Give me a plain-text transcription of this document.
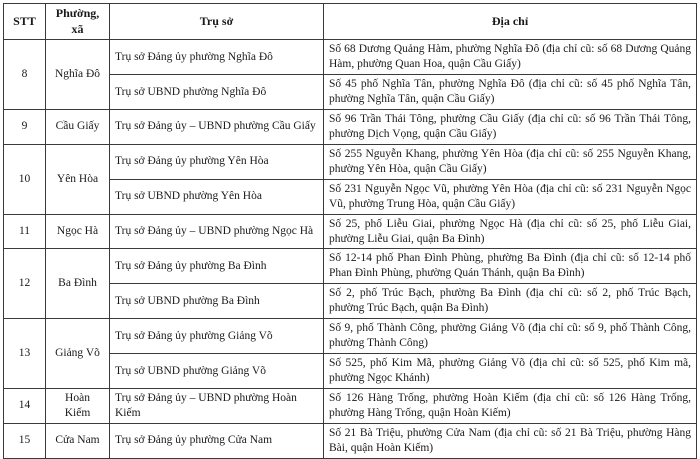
STT	Phường, xã	Trụ sở	Địa chỉ
8	Nghĩa Đô	Trụ sở Đảng ủy phường Nghĩa Đô	Số 68 Dương Quảng Hàm, phường Nghĩa Đô (địa chỉ cũ: số 68 Dương Quảng Hàm, phường Quan Hoa, quận Cầu Giấy)
		Trụ sở UBND phường Nghĩa Đô	Số 45 phố Nghĩa Tân, phường Nghĩa Đô (địa chỉ cũ: số 45 phố Nghĩa Tân, phường Nghĩa Tân, quận Cầu Giấy)
9	Cầu Giấy	Trụ sở Đảng ủy – UBND phường Cầu Giấy	Số 96 Trần Thái Tông, phường Cầu Giấy (địa chỉ cũ: số 96 Trần Thái Tông, phường Dịch Vọng, quận Cầu Giấy)
10	Yên Hòa	Trụ sở Đảng ủy phường Yên Hòa	Số 255 Nguyễn Khang, phường Yên Hòa (địa chỉ cũ: số 255 Nguyễn Khang, phường Yên Hòa, quận Cầu Giấy)
		Trụ sở UBND phường Yên Hòa	Số 231 Nguyễn Ngọc Vũ, phường Yên Hòa (địa chỉ cũ: số 231 Nguyễn Ngọc Vũ, phường Trung Hòa, quận Cầu Giấy)
11	Ngọc Hà	Trụ sở Đảng ủy – UBND phường Ngọc Hà	Số 25, phố Liễu Giai, phường Ngọc Hà (địa chỉ cũ: số 25, phố Liễu Giai, phường Liễu Giai, quận Ba Đình)
12	Ba Đình	Trụ sở Đảng ủy phường Ba Đình	Số 12-14 phố Phan Đình Phùng, phường Ba Đình (địa chỉ cũ: số 12-14 phố Phan Đình Phùng, phường Quán Thánh, quận Ba Đình)
		Trụ sở UBND phường Ba Đình	Số 2, phố Trúc Bạch, phường Ba Đình (địa chỉ cũ: số 2, phố Trúc Bạch, phường Trúc Bạch, quận Ba Đình)
13	Giảng Võ	Trụ sở Đảng ủy phường Giảng Võ	Số 9, phố Thành Công, phường Giảng Võ (địa chỉ cũ: số 9, phố Thành Công, phường Thành Công)
		Trụ sở UBND phường Giảng Võ	Số 525, phố Kim Mã, phường Giảng Võ (địa chỉ cũ: số 525, phố Kim mã, phường Ngọc Khánh)
14	Hoàn Kiếm	Trụ sở Đảng ủy – UBND phường Hoàn Kiếm	Số 126 Hàng Trống, phường Hoàn Kiếm (địa chỉ cũ: số 126 Hàng Trống, phường Hàng Trống, quận Hoàn Kiếm)
15	Cửa Nam	Trụ sở Đảng ủy phường Cửa Nam	Số 21 Bà Triệu, phường Cửa Nam (địa chỉ cũ: số 21 Bà Triệu, phường Hàng Bài, quận Hoàn Kiếm)
